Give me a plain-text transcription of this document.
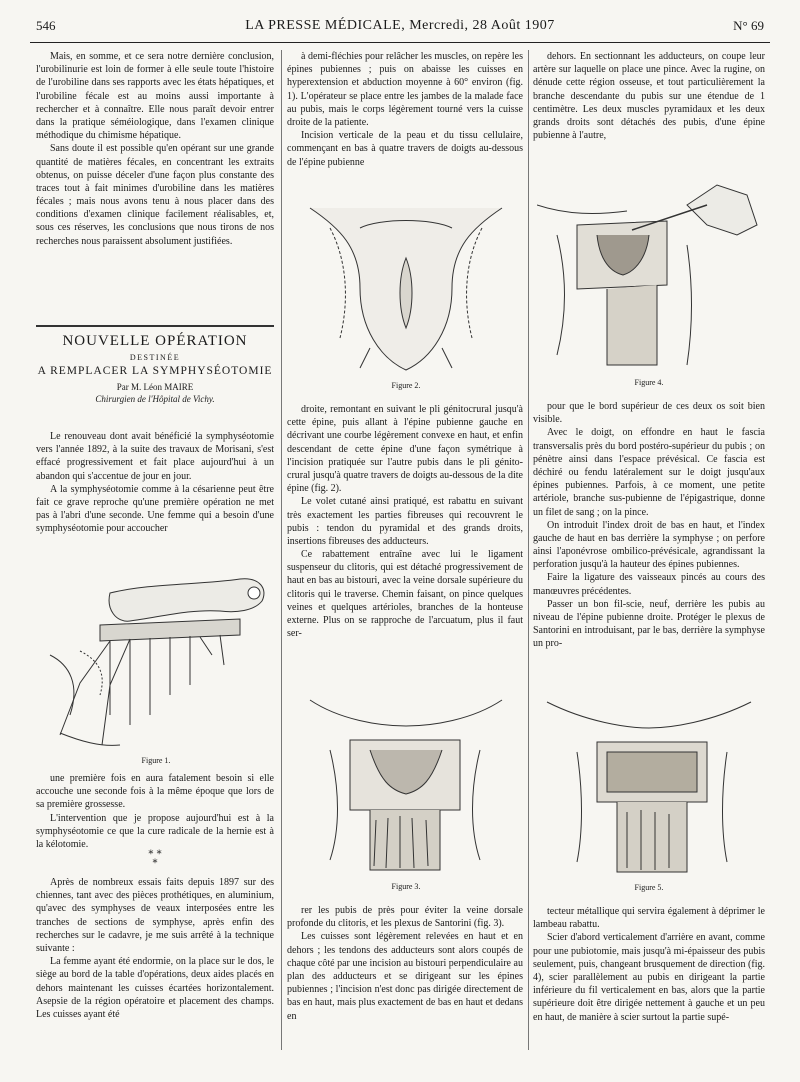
546	LA PRESSE MÉDICALE, Mercredi, 28 Août 1907	N° 69

Mais, en somme, et ce sera notre dernière conclusion, l'urobilinurie est loin de former à elle seule toute l'histoire de l'urobiline dans ses rapports avec les états hépatiques, et l'urobiline fécale est au moins aussi importante à rechercher et à connaître. Elle nous paraît devoir entrer dans la pratique séméiologique, dans l'examen clinique méthodique du chimisme hépatique.

Sans doute il est possible qu'en opérant sur une grande quantité de matières fécales, en concentrant les extraits obtenus, on puisse déceler d'une façon plus constante des traces tout à fait minimes d'urobiline dans les matières fécales ; mais nous avons tenu à nous placer dans des conditions d'examen clinique facilement réalisables, et, sous ces réserves, les conclusions que nous tirons de nos recherches nous paraissent absolument justifiées.

NOUVELLE OPÉRATION
DESTINÉE
A REMPLACER LA SYMPHYSÉOTOMIE
Par M. Léon MAIRE
Chirurgien de l'Hôpital de Vichy.

Le renouveau dont avait bénéficié la symphyséotomie vers l'année 1892, à la suite des travaux de Morisani, s'est effacé progressivement et fait place aujourd'hui à un abandon qui s'accentue de jour en jour.

A la symphyséotomie comme à la césarienne peut être fait ce grave reproche qu'une première opération ne met pas à l'abri d'une seconde. Une femme qui a besoin d'une symphyséotomie pour accoucher

Figure 1.

une première fois en aura fatalement besoin si elle accouche une seconde fois à la même époque que lors de sa première grossesse.

L'intervention que je propose aujourd'hui est à la symphyséotomie ce que la cure radicale de la hernie est à la kélotomie.

* *
*

Après de nombreux essais faits depuis 1897 sur des chiennes, tant avec des pièces prothétiques, en aluminium, qu'avec des symphyses de veaux interposées entre les tranches de sections de symphyse, après enfin des recherches sur le cadavre, je me suis arrêté à la technique suivante :

La femme ayant été endormie, on la place sur le dos, le siège au bord de la table d'opérations, deux aides placés en dehors maintenant les cuisses écartées horizontalement. Asepsie de la région opératoire et placement des champs. Les cuisses ayant été

à demi-fléchies pour relâcher les muscles, on repère les épines pubiennes ; puis on abaisse les cuisses en hyperextension et abduction moyenne à 60° environ (fig. 1). L'opérateur se place entre les jambes de la malade face au pubis, mais le corps légèrement tourné vers la cuisse droite de la patiente.

Incision verticale de la peau et du tissu cellulaire, commençant en bas à quatre travers de doigts au-dessous de l'épine pubienne

Figure 2.

droite, remontant en suivant le pli génitocrural jusqu'à cette épine, puis allant à l'épine pubienne gauche en décrivant une courbe légèrement convexe en haut, et enfin descendant de cette épine d'une façon symétrique à l'incision pratiquée sur l'autre pubis dans le pli génito-crural jusqu'à quatre travers de doigts au-dessous de la dite épine (fig. 2).

Le volet cutané ainsi pratiqué, est rabattu en suivant très exactement les parties fibreuses qui recouvrent le pubis : tendon du pyramidal et des grands droits, insertions fibreuses des adducteurs.

Ce rabattement entraîne avec lui le ligament suspenseur du clitoris, qui est détaché progressivement de haut en bas au bistouri, avec la veine dorsale supérieure du clitoris qui le traverse. Chemin faisant, on pince quelques veines et quelques artérioles, branches de la honteuse externe. Plus on se rapproche de l'arcuatum, plus il faut ser-

Figure 3.

rer les pubis de près pour éviter la veine dorsale profonde du clitoris, et les plexus de Santorini (fig. 3).

Les cuisses sont légèrement relevées en haut et en dehors ; les tendons des adducteurs sont alors coupés de chaque côté par une incision au bistouri perpendiculaire au plan des adducteurs et se dirigeant sur les épines pubiennes ; l'incision n'est donc pas dirigée directement de bas en haut, mais plus exactement de bas en haut et dedans en

dehors. En sectionnant les adducteurs, on coupe leur artère sur laquelle on place une pince. Avec la rugine, on dénude cette région osseuse, et tout particulièrement la branche descendante du pubis sur une étendue de 1 centimètre. Les deux muscles pyramidaux et les deux grands droits sont détachés des pubis, d'une épine pubienne à l'autre,

Figure 4.

pour que le bord supérieur de ces deux os soit bien visible.

Avec le doigt, on effondre en haut le fascia transversalis près du bord postéro-supérieur du pubis ; on pénètre ainsi dans l'espace prévésical. Ce fascia est déchiré ou fendu latéralement sur le doigt jusqu'aux épines pubiennes. Parfois, à ce moment, une petite artériole, branche sus-pubienne de l'épigastrique, donne un filet de sang ; on la pince.

On introduit l'index droit de bas en haut, et l'index gauche de haut en bas derrière la symphyse ; on perfore ainsi l'aponévrose ombilico-prévésicale, agrandissant la perforation jusqu'à la hauteur des épines pubiennes.

Faire la ligature des vaisseaux pincés au cours des manœuvres précédentes.

Passer un bon fil-scie, neuf, derrière les pubis au niveau de l'épine pubienne droite. Protéger le plexus de Santorini en introduisant, par le bas, derrière la symphyse un pro-

Figure 5.

tecteur métallique qui servira également à déprimer le lambeau rabattu.

Scier d'abord verticalement d'arrière en avant, comme pour une pubiotomie, mais jusqu'à mi-épaisseur des pubis seulement, puis, changeant brusquement de direction (fig. 4), scier parallèlement au pubis en dirigeant la partie inférieure du fil verticalement en bas, alors que la partie supérieure doit être dirigée nettement à gauche et un peu en haut, de manière à scier surtout la partie supé-
